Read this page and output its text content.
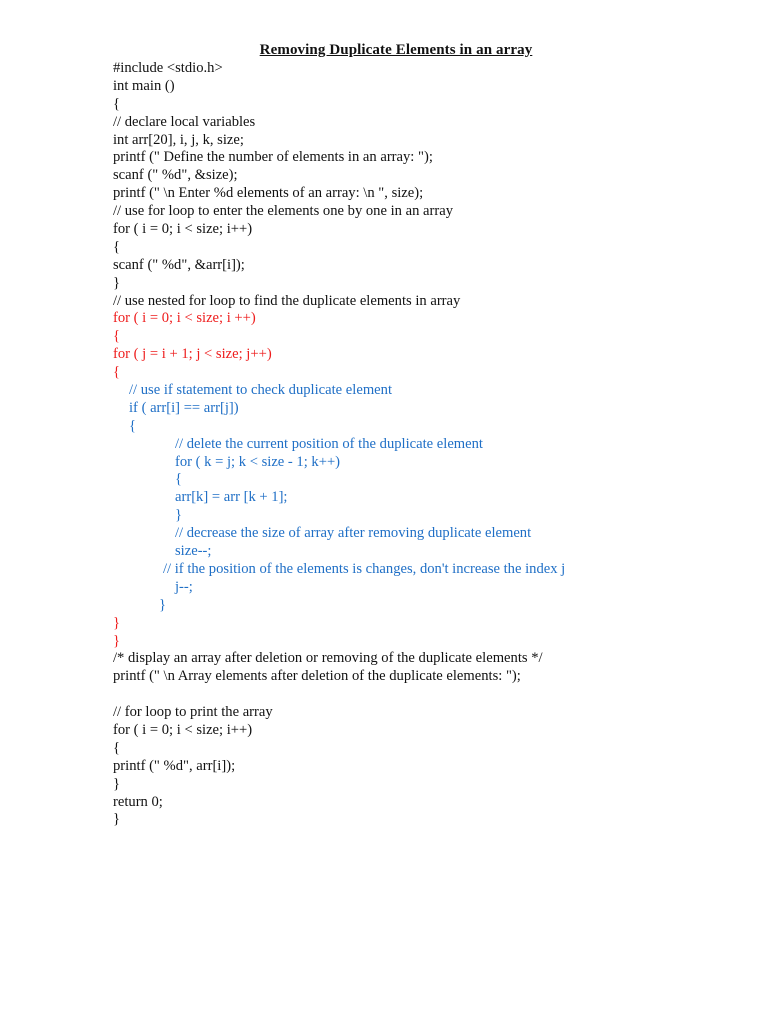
Removing Duplicate Elements in an array
#include <stdio.h>
int main ()
{
// declare local variables
int arr[20], i, j, k, size;
printf (" Define the number of elements in an array: ");
scanf (" %d", &size);
printf (" \n Enter %d elements of an array: \n ", size);
// use for loop to enter the elements one by one in an array
for ( i = 0; i < size; i++)
{
scanf (" %d", &arr[i]);
}
// use nested for loop to find the duplicate elements in array
for ( i = 0; i < size; i ++)
{
for ( j = i + 1; j < size; j++)
{
// use if statement to check duplicate element
if ( arr[i] == arr[j])
{
// delete the current position of the duplicate element
for ( k = j; k < size - 1; k++)
{
arr[k] = arr [k + 1];
}
// decrease the size of array after removing duplicate element
size--;
// if the position of the elements is changes, don't increase the index j
j--;
}
}
}
/* display an array after deletion or removing of the duplicate elements */
printf (" \n Array elements after deletion of the duplicate elements: ");
// for loop to print the array
for ( i = 0; i < size; i++)
{
printf (" %d", arr[i]);
}
return 0;
}
